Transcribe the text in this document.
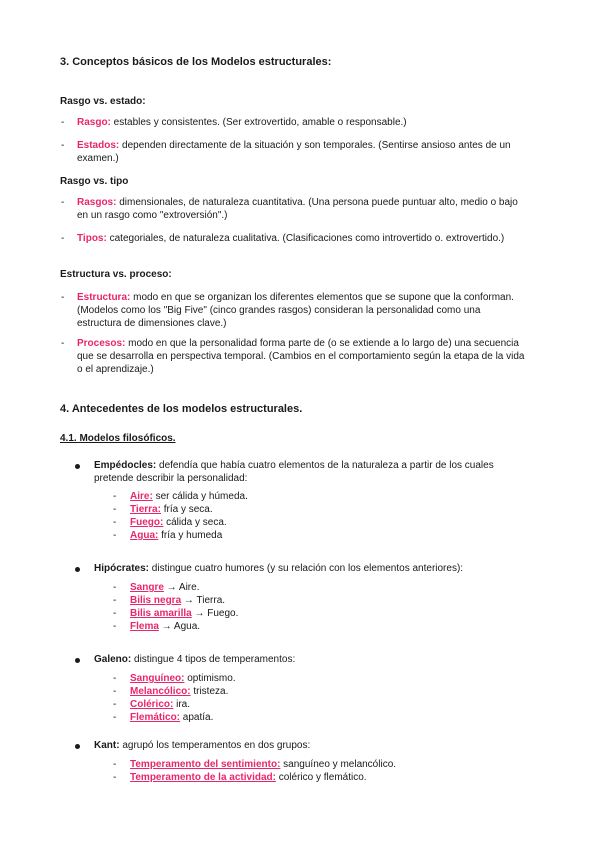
3. Conceptos básicos de los Modelos estructurales:
Rasgo vs. estado:
- Rasgo: estables y consistentes. (Ser extrovertido, amable o responsable.)
- Estados: dependen directamente de la situación y son temporales. (Sentirse ansioso antes de un examen.)
Rasgo vs. tipo
- Rasgos: dimensionales, de naturaleza cuantitativa. (Una persona puede puntuar alto, medio o bajo en un rasgo como "extroversión".)
- Tipos: categoriales, de naturaleza cualitativa. (Clasificaciones como introvertido o. extrovertido.)
Estructura vs. proceso:
- Estructura: modo en que se organizan los diferentes elementos que se supone que la conforman. (Modelos como los "Big Five" (cinco grandes rasgos) consideran la personalidad como una estructura de dimensiones clave.)
- Procesos: modo en que la personalidad forma parte de (o se extiende a lo largo de) una secuencia que se desarrolla en perspectiva temporal. (Cambios en el comportamiento según la etapa de la vida o el aprendizaje.)
4. Antecedentes de los modelos estructurales.
4.1. Modelos filosóficos.
Empédocles: defendía que había cuatro elementos de la naturaleza a partir de los cuales pretende describir la personalidad:
- Aire: ser cálida y húmeda.
- Tierra: fría y seca.
- Fuego: cálida y seca.
- Agua: fría y humeda
Hipócrates: distingue cuatro humores (y su relación con los elementos anteriores):
- Sangre → Aire.
- Bilis negra → Tierra.
- Bilis amarilla → Fuego.
- Flema → Agua.
Galeno: distingue 4 tipos de temperamentos:
- Sanguíneo: optimismo.
- Melancólico: tristeza.
- Colérico: ira.
- Flemático: apatía.
Kant: agrupó los temperamentos en dos grupos:
- Temperamento del sentimiento: sanguíneo y melancólico.
- Temperamento de la actividad: colérico y flemático.
